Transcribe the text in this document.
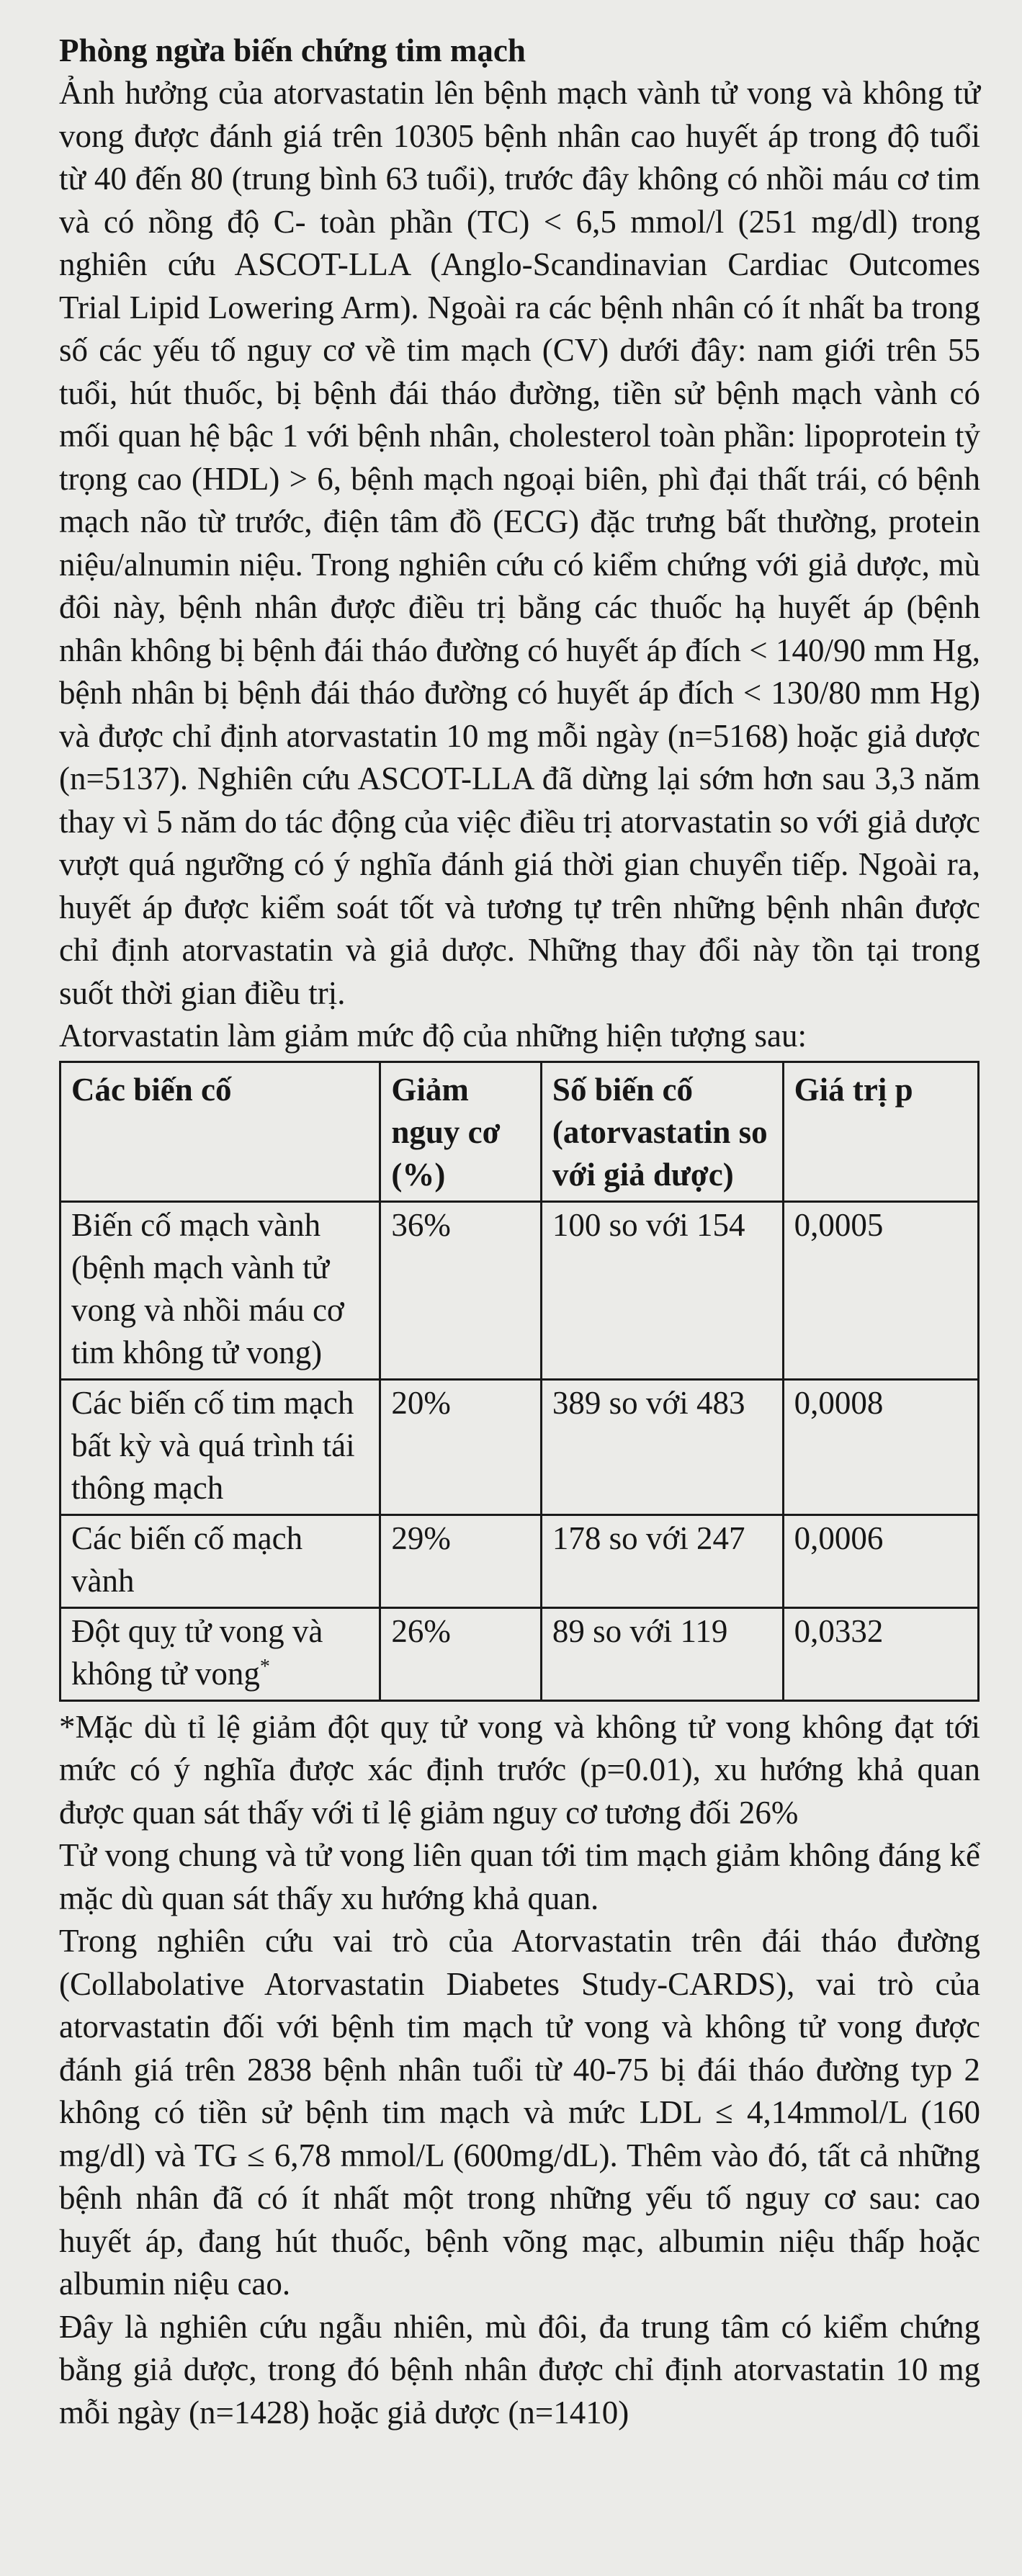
Phòng ngừa biến chứng tim mạch

Ảnh hưởng của atorvastatin lên bệnh mạch vành tử vong và không tử vong được đánh giá trên 10305 bệnh nhân cao huyết áp trong độ tuổi từ 40 đến 80 (trung bình 63 tuổi), trước đây không có nhồi máu cơ tim và có nồng độ C- toàn phần (TC) < 6,5 mmol/l (251 mg/dl) trong nghiên cứu ASCOT-LLA (Anglo-Scandinavian Cardiac Outcomes Trial Lipid Lowering Arm). Ngoài ra các bệnh nhân có ít nhất ba trong số các yếu tố nguy cơ về tim mạch (CV) dưới đây: nam giới trên 55 tuổi, hút thuốc, bị bệnh đái tháo đường, tiền sử bệnh mạch vành có mối quan hệ bậc 1 với bệnh nhân, cholesterol toàn phần: lipoprotein tỷ trọng cao (HDL) > 6, bệnh mạch ngoại biên, phì đại thất trái, có bệnh mạch não từ trước, điện tâm đồ (ECG) đặc trưng bất thường, protein niệu/alnumin niệu. Trong nghiên cứu có kiểm chứng với giả dược, mù đôi này, bệnh nhân được điều trị bằng các thuốc hạ huyết áp (bệnh nhân không bị bệnh đái tháo đường có huyết áp đích < 140/90 mm Hg, bệnh nhân bị bệnh đái tháo đường có huyết áp đích < 130/80 mm Hg) và được chỉ định atorvastatin 10 mg mỗi ngày (n=5168) hoặc giả dược (n=5137). Nghiên cứu ASCOT-LLA đã dừng lại sớm hơn sau 3,3 năm thay vì 5 năm do tác động của việc điều trị atorvastatin so với giả dược vượt quá ngưỡng có ý nghĩa đánh giá thời gian chuyển tiếp. Ngoài ra, huyết áp được kiểm soát tốt và tương tự trên những bệnh nhân được chỉ định atorvastatin và giả dược. Những thay đổi này tồn tại trong suốt thời gian điều trị.

Atorvastatin làm giảm mức độ của những hiện tượng sau:

Các biến cố	Giảm nguy cơ (%)	Số biến cố (atorvastatin so với giả dược)	Giá trị p
Biến cố mạch vành (bệnh mạch vành tử vong và nhồi máu cơ tim không tử vong)	36%	100 so với 154	0,0005
Các biến cố tim mạch bất kỳ và quá trình tái thông mạch	20%	389 so với 483	0,0008
Các biến cố mạch vành	29%	178 so với 247	0,0006
Đột quỵ tử vong và không tử vong*	26%	89 so với 119	0,0332

*Mặc dù tỉ lệ giảm đột quỵ tử vong và không tử vong không đạt tới mức có ý nghĩa được xác định trước (p=0.01), xu hướng khả quan được quan sát thấy với tỉ lệ giảm nguy cơ tương đối 26%

Tử vong chung và tử vong liên quan tới tim mạch giảm không đáng kể mặc dù quan sát thấy xu hướng khả quan.

Trong nghiên cứu vai trò của Atorvastatin trên đái tháo đường (Collabolative Atorvastatin Diabetes Study-CARDS), vai trò của atorvastatin đối với bệnh tim mạch tử vong và không tử vong được đánh giá trên 2838 bệnh nhân tuổi từ 40-75 bị đái tháo đường typ 2 không có tiền sử bệnh tim mạch và mức LDL ≤ 4,14mmol/L (160 mg/dl) và TG ≤ 6,78 mmol/L (600mg/dL). Thêm vào đó, tất cả những bệnh nhân đã có ít nhất một trong những yếu tố nguy cơ sau: cao huyết áp, đang hút thuốc, bệnh võng mạc, albumin niệu thấp hoặc albumin niệu cao.

Đây là nghiên cứu ngẫu nhiên, mù đôi, đa trung tâm có kiểm chứng bằng giả dược, trong đó bệnh nhân được chỉ định atorvastatin 10 mg mỗi ngày (n=1428) hoặc giả dược (n=1410)
